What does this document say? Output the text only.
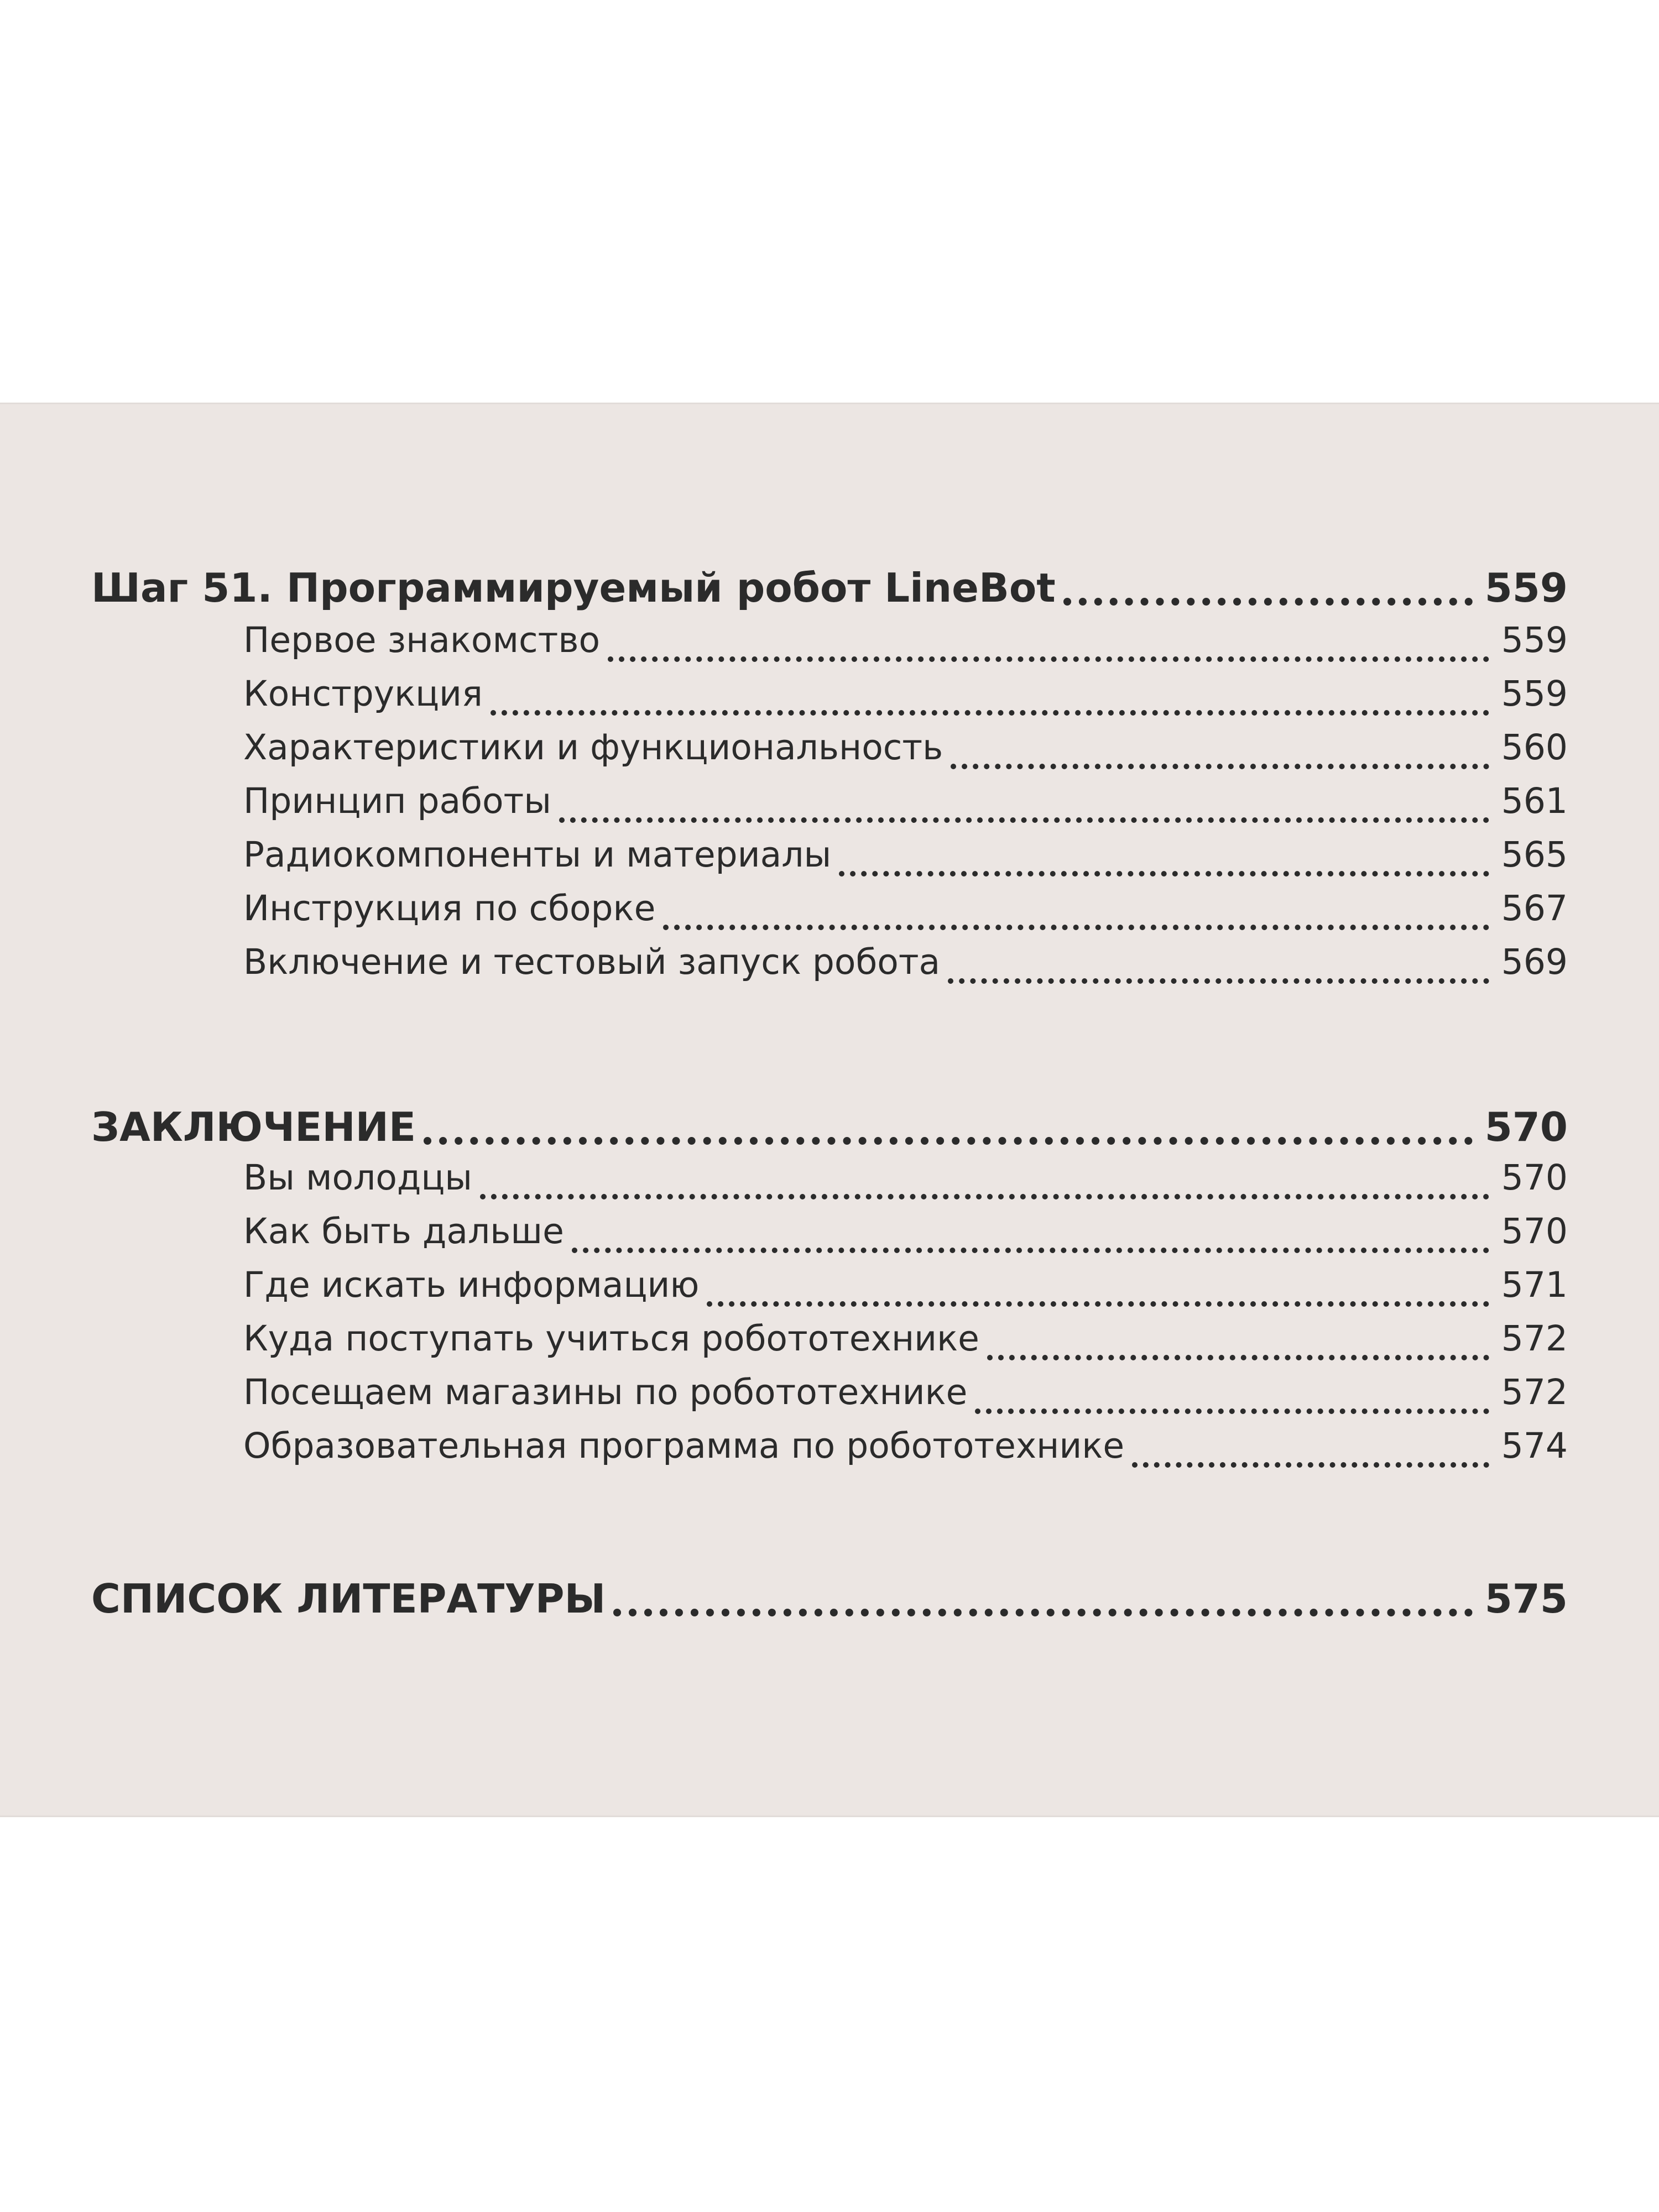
Шаг 51. Программируемый робот LineBot	559
Первое знакомство	559
Конструкция	559
Характеристики и функциональность	560
Принцип работы	561
Радиокомпоненты и материалы	565
Инструкция по сборке	567
Включение и тестовый запуск робота	569
ЗАКЛЮЧЕНИЕ	570
Вы молодцы	570
Как быть дальше	570
Где искать информацию	571
Куда поступать учиться робототехнике	572
Посещаем магазины по робототехнике	572
Образовательная программа по робототехнике	574
СПИСОК ЛИТЕРАТУРЫ	575
